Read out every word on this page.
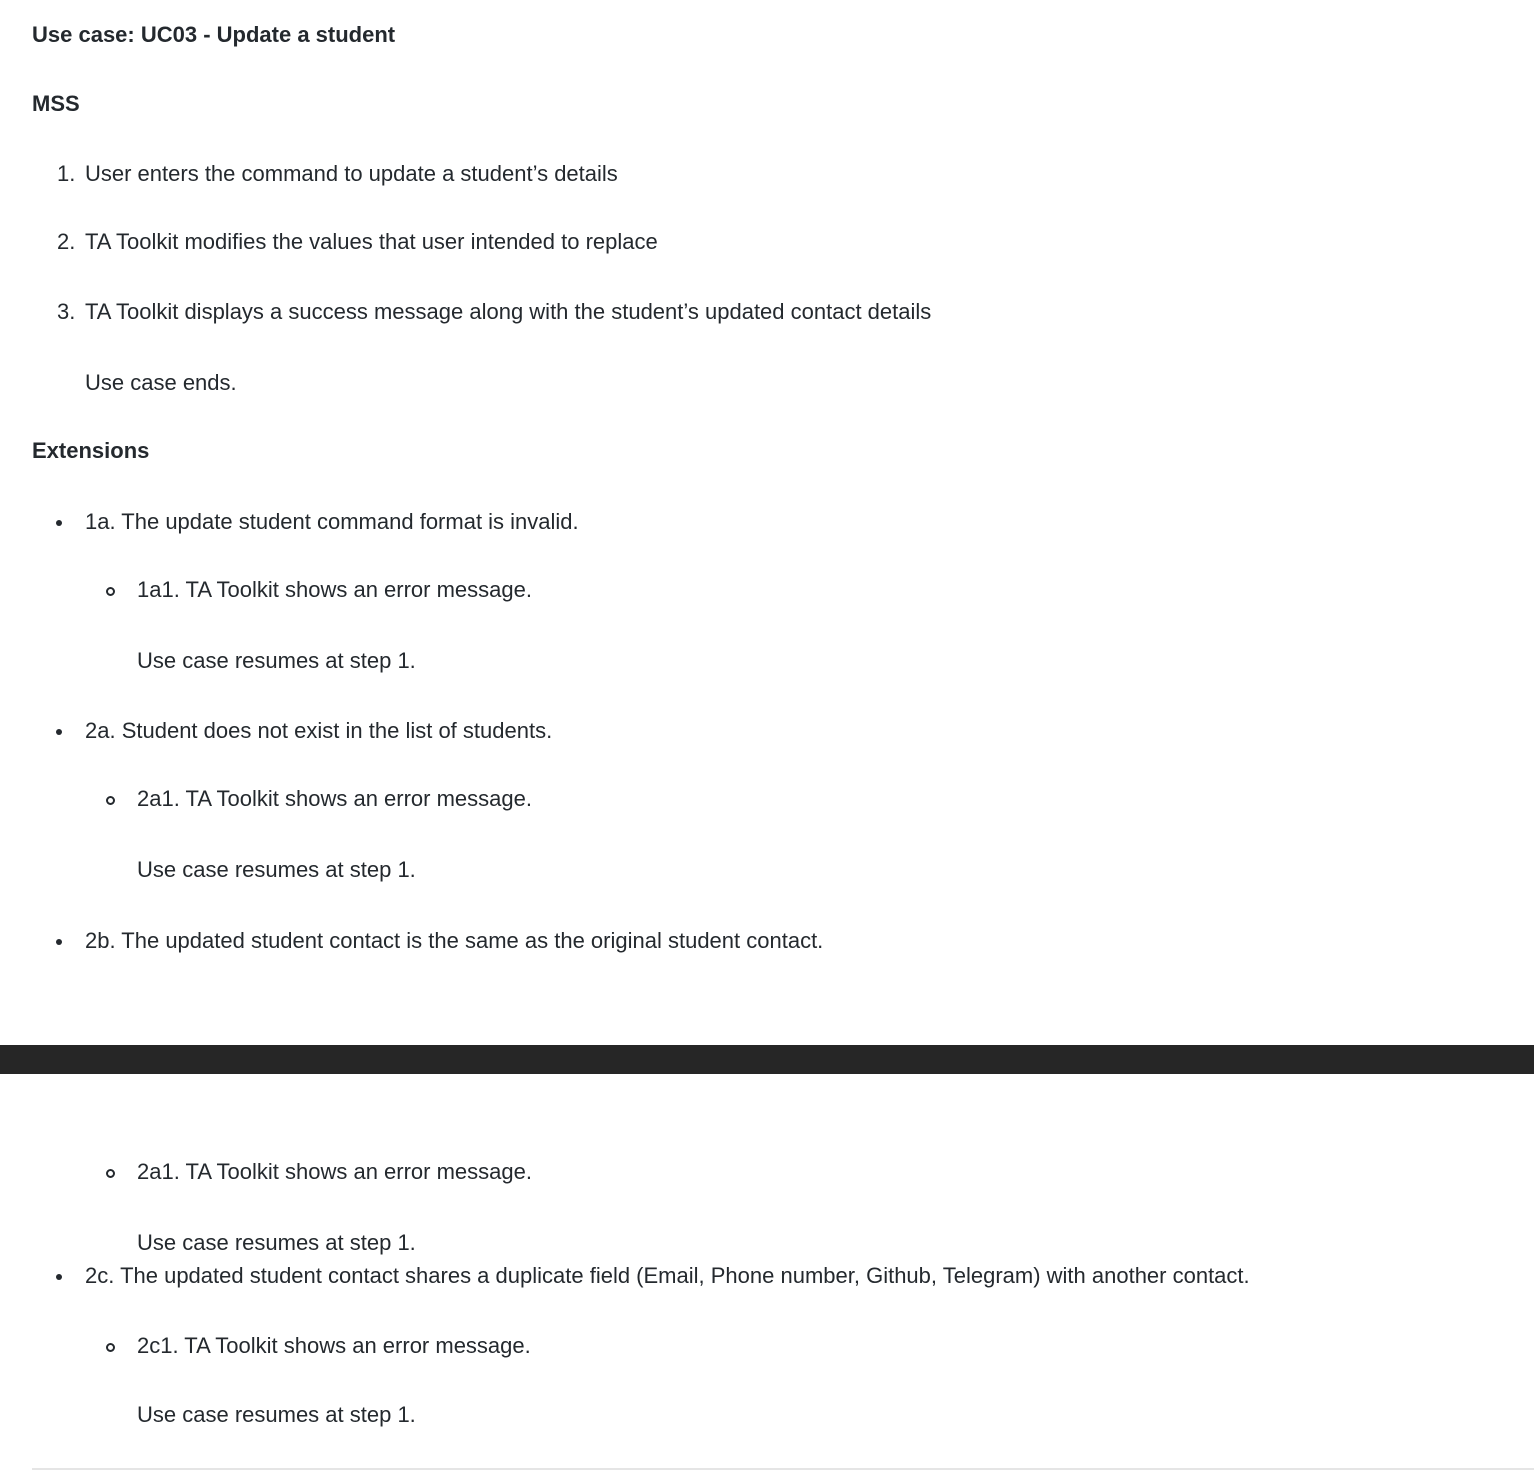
Use case: UC03 - Update a student
MSS
1. User enters the command to update a student’s details
2. TA Toolkit modifies the values that user intended to replace
3. TA Toolkit displays a success message along with the student’s updated contact details
Use case ends.
Extensions
1a. The update student command format is invalid.
1a1. TA Toolkit shows an error message.
Use case resumes at step 1.
2a. Student does not exist in the list of students.
2a1. TA Toolkit shows an error message.
Use case resumes at step 1.
2b. The updated student contact is the same as the original student contact.
2a1. TA Toolkit shows an error message.
Use case resumes at step 1.
2c. The updated student contact shares a duplicate field (Email, Phone number, Github, Telegram) with another contact.
2c1. TA Toolkit shows an error message.
Use case resumes at step 1.
